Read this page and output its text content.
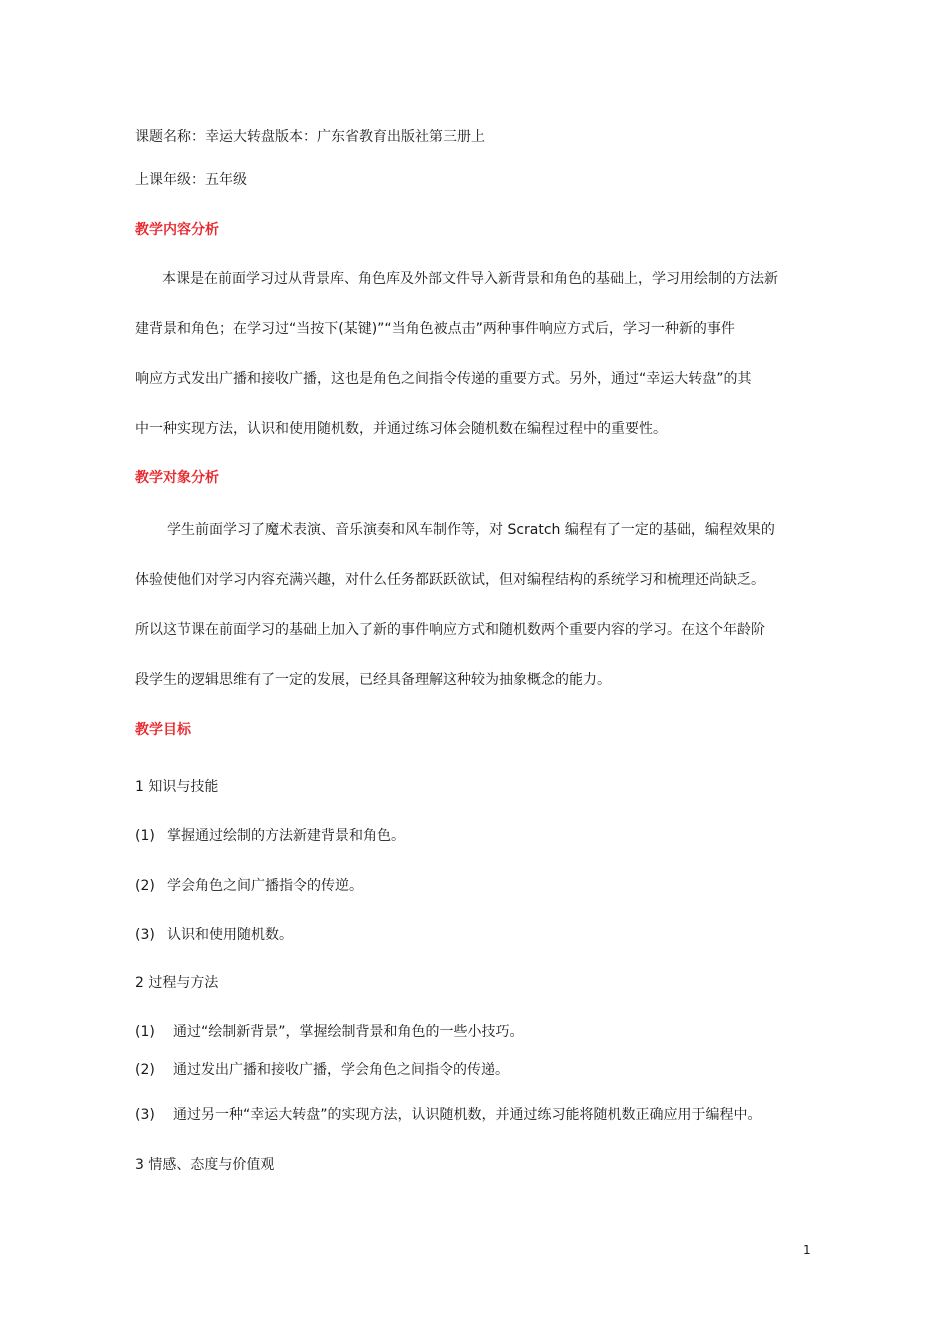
课题名称：幸运大转盘版本：广东省教育出版社第三册上

上课年级：五年级

教学内容分析

本课是在前面学习过从背景库、角色库及外部文件导入新背景和角色的基础上，学习用绘制的方法新

建背景和角色；在学习过“当按下(某键)”“当角色被点击”两种事件响应方式后，学习一种新的事件

响应方式发出广播和接收广播，这也是角色之间指令传递的重要方式。另外，通过“幸运大转盘”的其

中一种实现方法，认识和使用随机数，并通过练习体会随机数在编程过程中的重要性。

教学对象分析

学生前面学习了魔术表演、音乐演奏和风车制作等，对 Scratch 编程有了一定的基础，编程效果的

体验使他们对学习内容充满兴趣，对什么任务都跃跃欲试，但对编程结构的系统学习和梳理还尚缺乏。

所以这节课在前面学习的基础上加入了新的事件响应方式和随机数两个重要内容的学习。在这个年龄阶

段学生的逻辑思维有了一定的发展，已经具备理解这种较为抽象概念的能力。

教学目标

1 知识与技能

(1) 掌握通过绘制的方法新建背景和角色。

(2) 学会角色之间广播指令的传逆。

(3) 认识和使用随机数。

2 过程与方法

(1) 通过“绘制新背景”，掌握绘制背景和角色的一些小技巧。

(2) 通过发出广播和接收广播，学会角色之间指令的传递。

(3) 通过另一种“幸运大转盘”的实现方法，认识随机数，并通过练习能将随机数正确应用于编程中。

3 情感、态度与价值观

1
